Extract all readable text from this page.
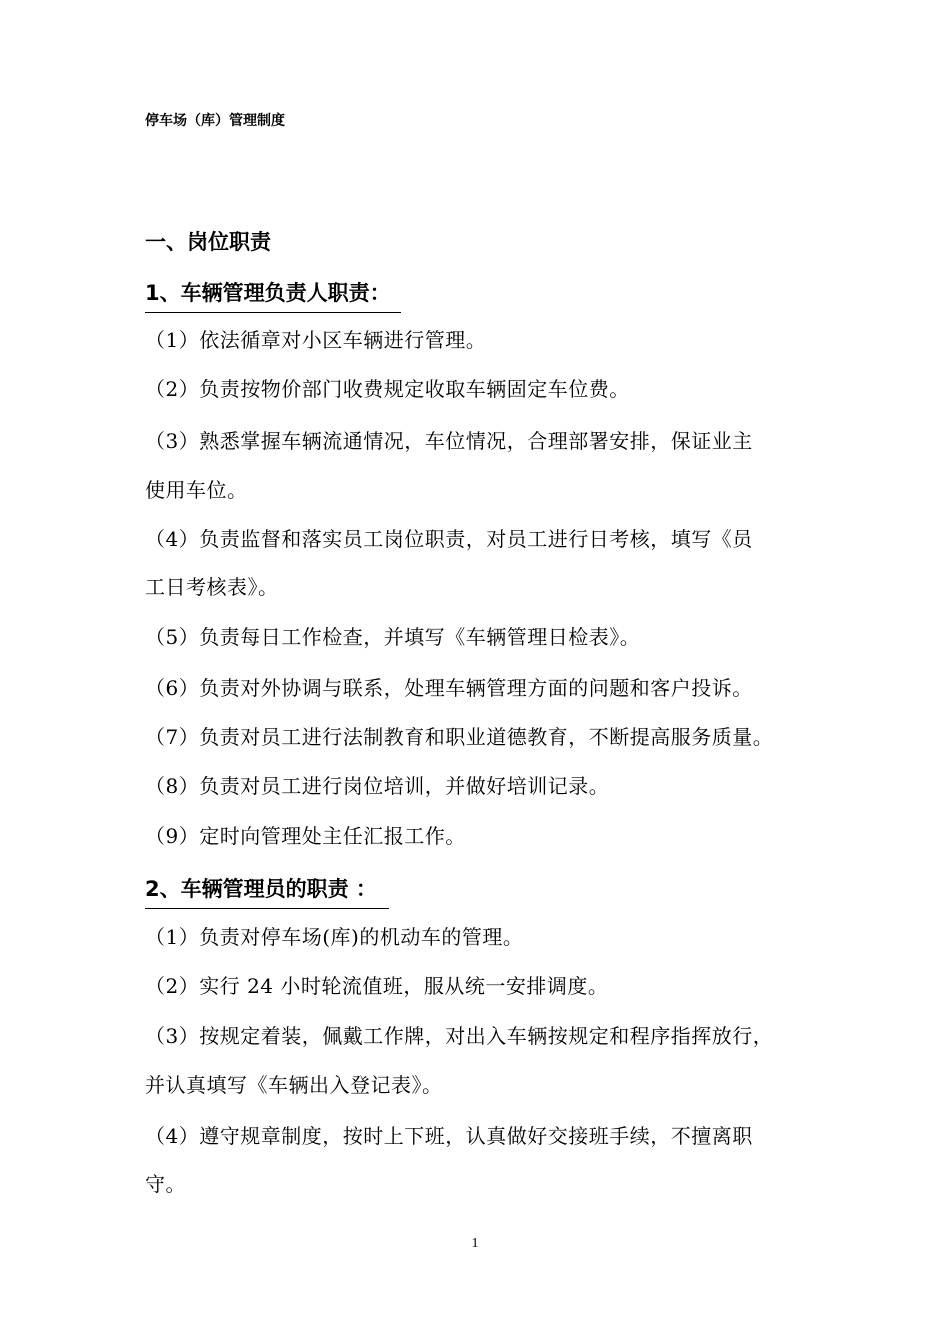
停车场（库）管理制度
一、岗位职责
1、车辆管理负责人职责：
（1）依法循章对小区车辆进行管理。
（2）负责按物价部门收费规定收取车辆固定车位费。
（3）熟悉掌握车辆流通情况，车位情况，合理部署安排，保证业主
使用车位。
（4）负责监督和落实员工岗位职责，对员工进行日考核，填写《员
工日考核表》。
（5）负责每日工作检查，并填写《车辆管理日检表》。
（6）负责对外协调与联系，处理车辆管理方面的问题和客户投诉。
（7）负责对员工进行法制教育和职业道德教育，不断提高服务质量。
（8）负责对员工进行岗位培训，并做好培训记录。
（9）定时向管理处主任汇报工作。
2、车辆管理员的职责 ：
（1）负责对停车场(库)的机动车的管理。
（2）实行 24 小时轮流值班，服从统一安排调度。
（3）按规定着装，佩戴工作牌，对出入车辆按规定和程序指挥放行，
并认真填写《车辆出入登记表》。
（4）遵守规章制度，按时上下班，认真做好交接班手续，不擅离职
守。
1
